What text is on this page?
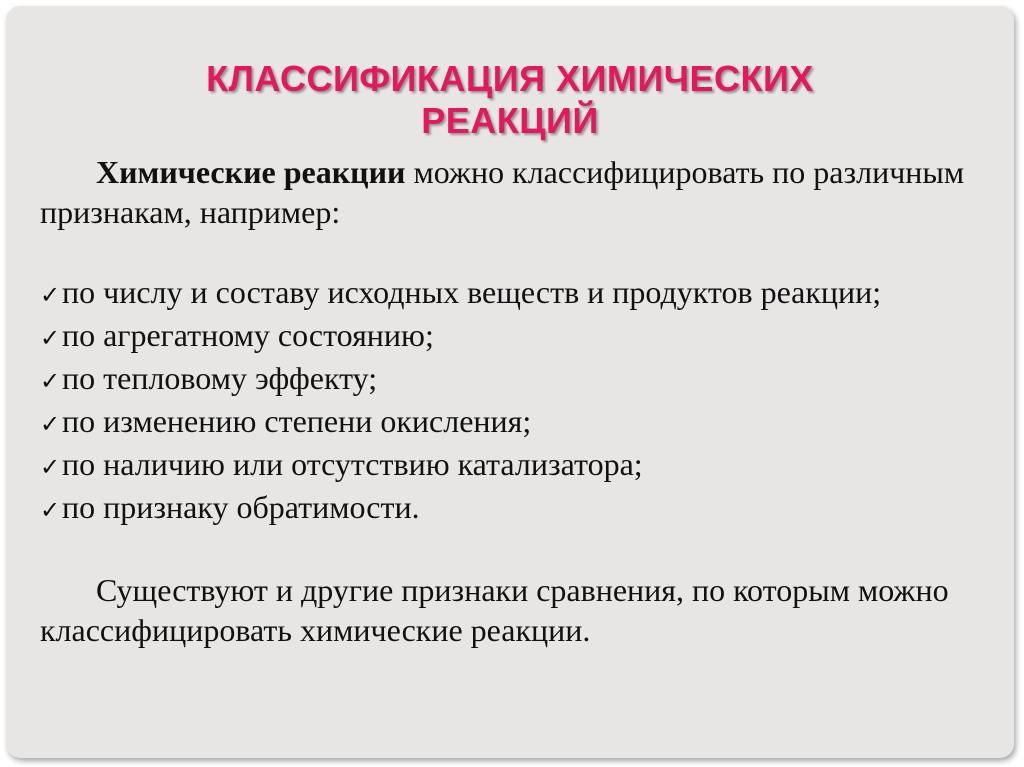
КЛАССИФИКАЦИЯ ХИМИЧЕСКИХ
РЕАКЦИЙ

Химические реакции можно классифицировать по различным признакам, например:

✓по числу и составу исходных веществ и продуктов реакции;
✓по агрегатному состоянию;
✓по тепловому эффекту;
✓по изменению степени окисления;
✓по наличию или отсутствию катализатора;
✓по признаку обратимости.

Существуют и другие признаки сравнения, по которым можно классифицировать химические реакции.
